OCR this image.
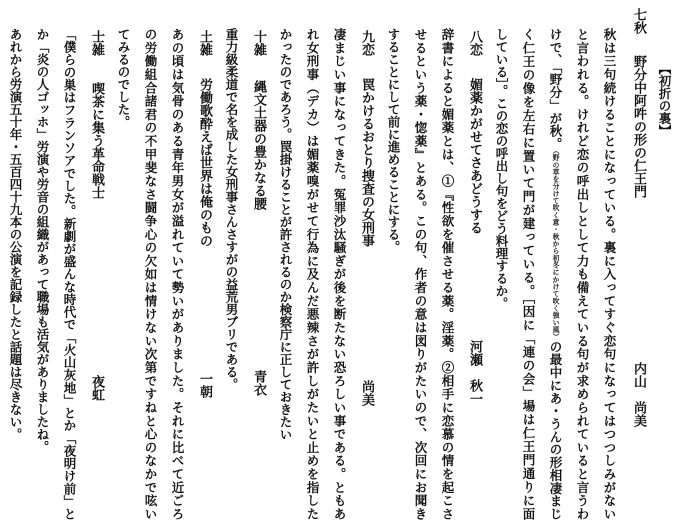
【初折の裏】
七秋
野分中阿吽の形の仁王門
内山　尚美
秋は三句続けることになっている。裏に入ってすぐ恋句になってはつつしみがない
と言われる。けれど恋の呼出しとして力も備えている句が求められていると言うわ
けで、「野分」が秋。（野の草を分けて吹く意・秋から初冬にかけて吹く強い風）の最中にあ・うんの形相凄まじ
く仁王の像を左右に置いて門が建っている。［因に「連の会」場は仁王門通りに面
している］。この恋の呼出し句をどう料理するか。
八恋
媚薬かがせてさあどうする
河瀬　秋一
辞書によると媚薬とは、①『性欲を催させる薬。淫薬。②相手に恋慕の情を起こさ
せるという薬・惚薬』とある。この句、作者の意は図りがたいので、次回にお聞き
することにして前に進めることにする。
九恋
罠かけるおとり捜査の女刑事
尚美
凄まじい事になってきた。冤罪沙汰騒ぎが後を断たない恐ろしい事である。ともあ
れ女刑事（デカ）は媚薬嗅がせて行為に及んだ悪辣さが許しがたいと止めを指した
かったのであろう。罠掛けることが許されるのか検察庁に正しておきたい
十雑
縄文土器の豊かなる腰
青衣
重力級柔道で名を成した女刑事さんさすがの益荒男ブリである。
土雑
労働歌酔えば世界は俺のもの
一朝
あの頃は気骨のある青年男女が溢れていて勢いがありました。それに比べて近ごろ
の労働組合諸君の不甲斐なさ闘争心の欠如は情けない次第ですねと心のなかで呟い
てみるのでした。
士雑
喫茶に集う革命戦士
夜虹
「僕らの巣はフランソアでした。新劇が盛んな時代で「火山灰地」とか「夜明け前」と
か「炎の人ゴッホ」労演や労音の組織があって職場も活気がありましたね。
あれから労演五十年・五百四十九本の公演を記録したと話題は尽きない。
